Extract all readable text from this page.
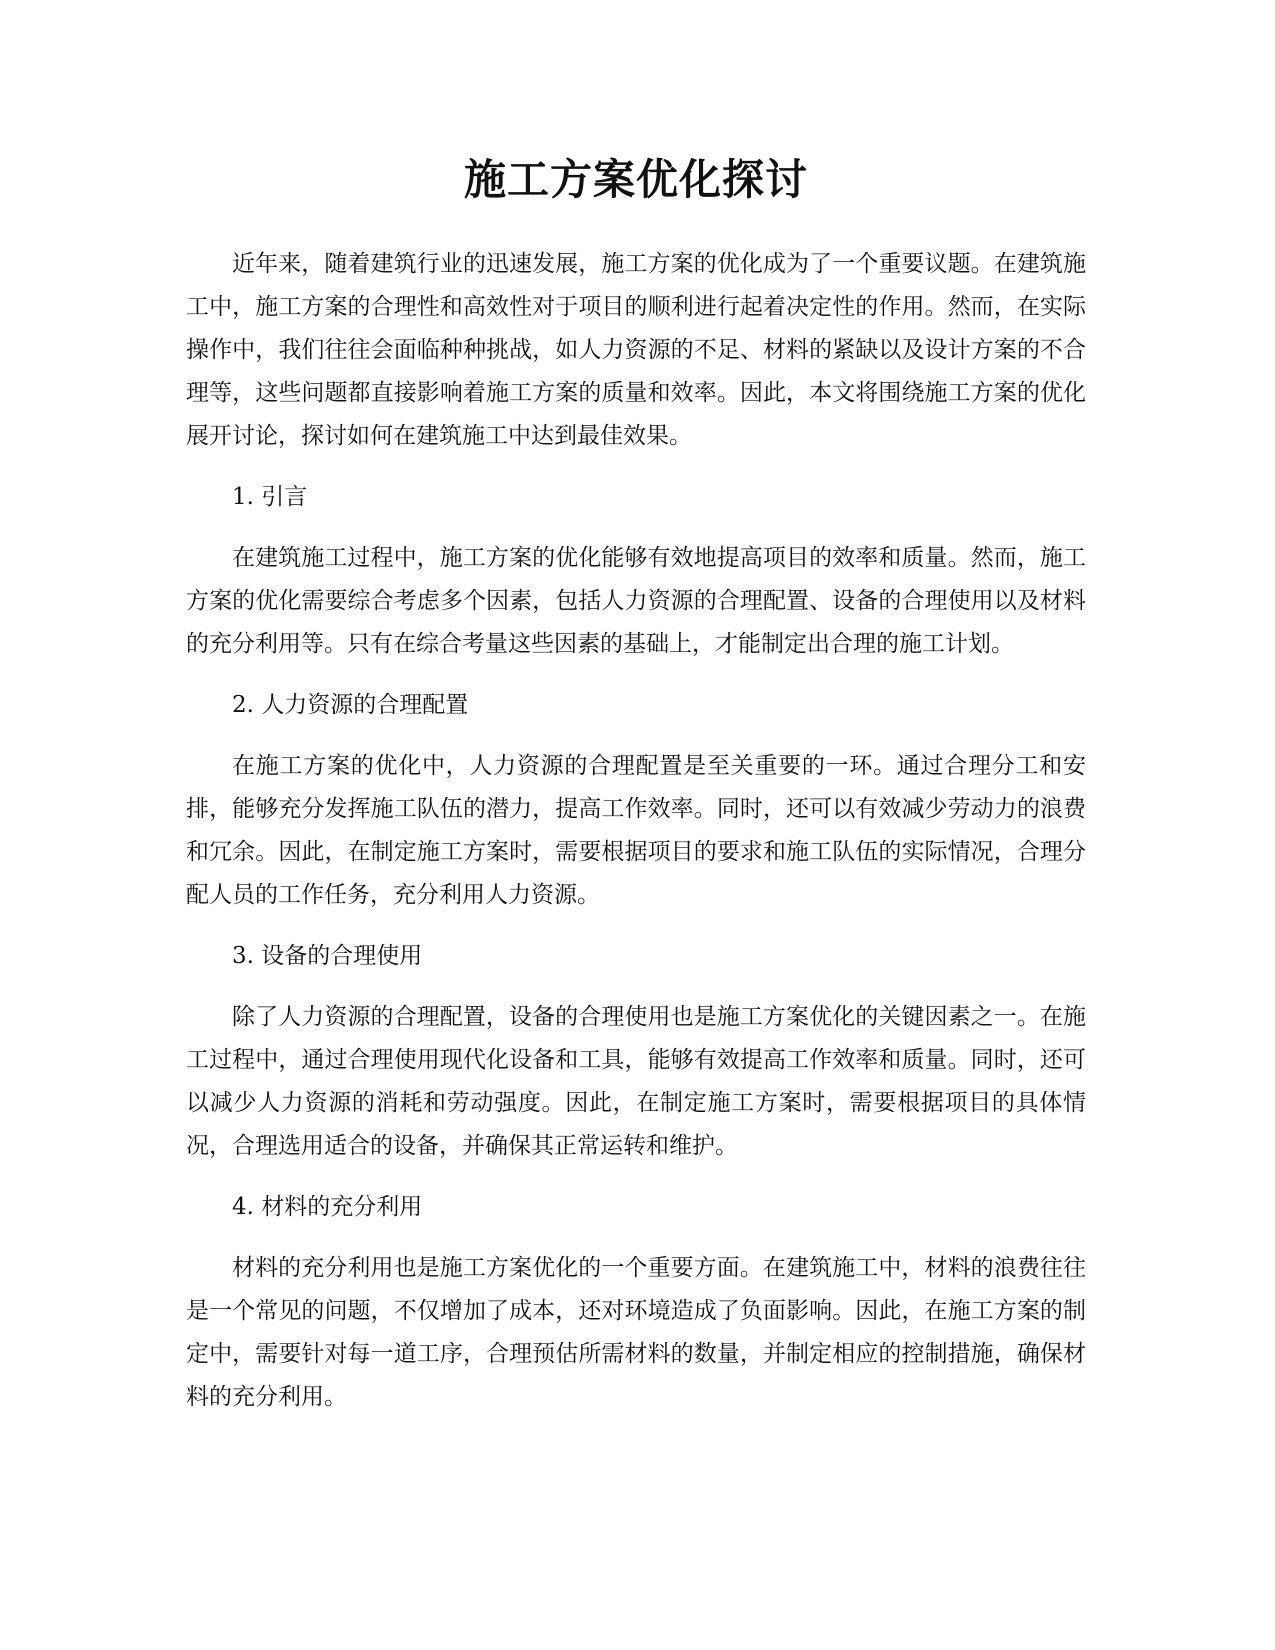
施工方案优化探讨

近年来，随着建筑行业的迅速发展，施工方案的优化成为了一个重要议题。在建筑施工中，施工方案的合理性和高效性对于项目的顺利进行起着决定性的作用。然而，在实际操作中，我们往往会面临种种挑战，如人力资源的不足、材料的紧缺以及设计方案的不合理等，这些问题都直接影响着施工方案的质量和效率。因此，本文将围绕施工方案的优化展开讨论，探讨如何在建筑施工中达到最佳效果。

1. 引言

在建筑施工过程中，施工方案的优化能够有效地提高项目的效率和质量。然而，施工方案的优化需要综合考虑多个因素，包括人力资源的合理配置、设备的合理使用以及材料的充分利用等。只有在综合考量这些因素的基础上，才能制定出合理的施工计划。

2. 人力资源的合理配置

在施工方案的优化中，人力资源的合理配置是至关重要的一环。通过合理分工和安排，能够充分发挥施工队伍的潜力，提高工作效率。同时，还可以有效减少劳动力的浪费和冗余。因此，在制定施工方案时，需要根据项目的要求和施工队伍的实际情况，合理分配人员的工作任务，充分利用人力资源。

3. 设备的合理使用

除了人力资源的合理配置，设备的合理使用也是施工方案优化的关键因素之一。在施工过程中，通过合理使用现代化设备和工具，能够有效提高工作效率和质量。同时，还可以减少人力资源的消耗和劳动强度。因此，在制定施工方案时，需要根据项目的具体情况，合理选用适合的设备，并确保其正常运转和维护。

4. 材料的充分利用

材料的充分利用也是施工方案优化的一个重要方面。在建筑施工中，材料的浪费往往是一个常见的问题，不仅增加了成本，还对环境造成了负面影响。因此，在施工方案的制定中，需要针对每一道工序，合理预估所需材料的数量，并制定相应的控制措施，确保材料的充分利用。
